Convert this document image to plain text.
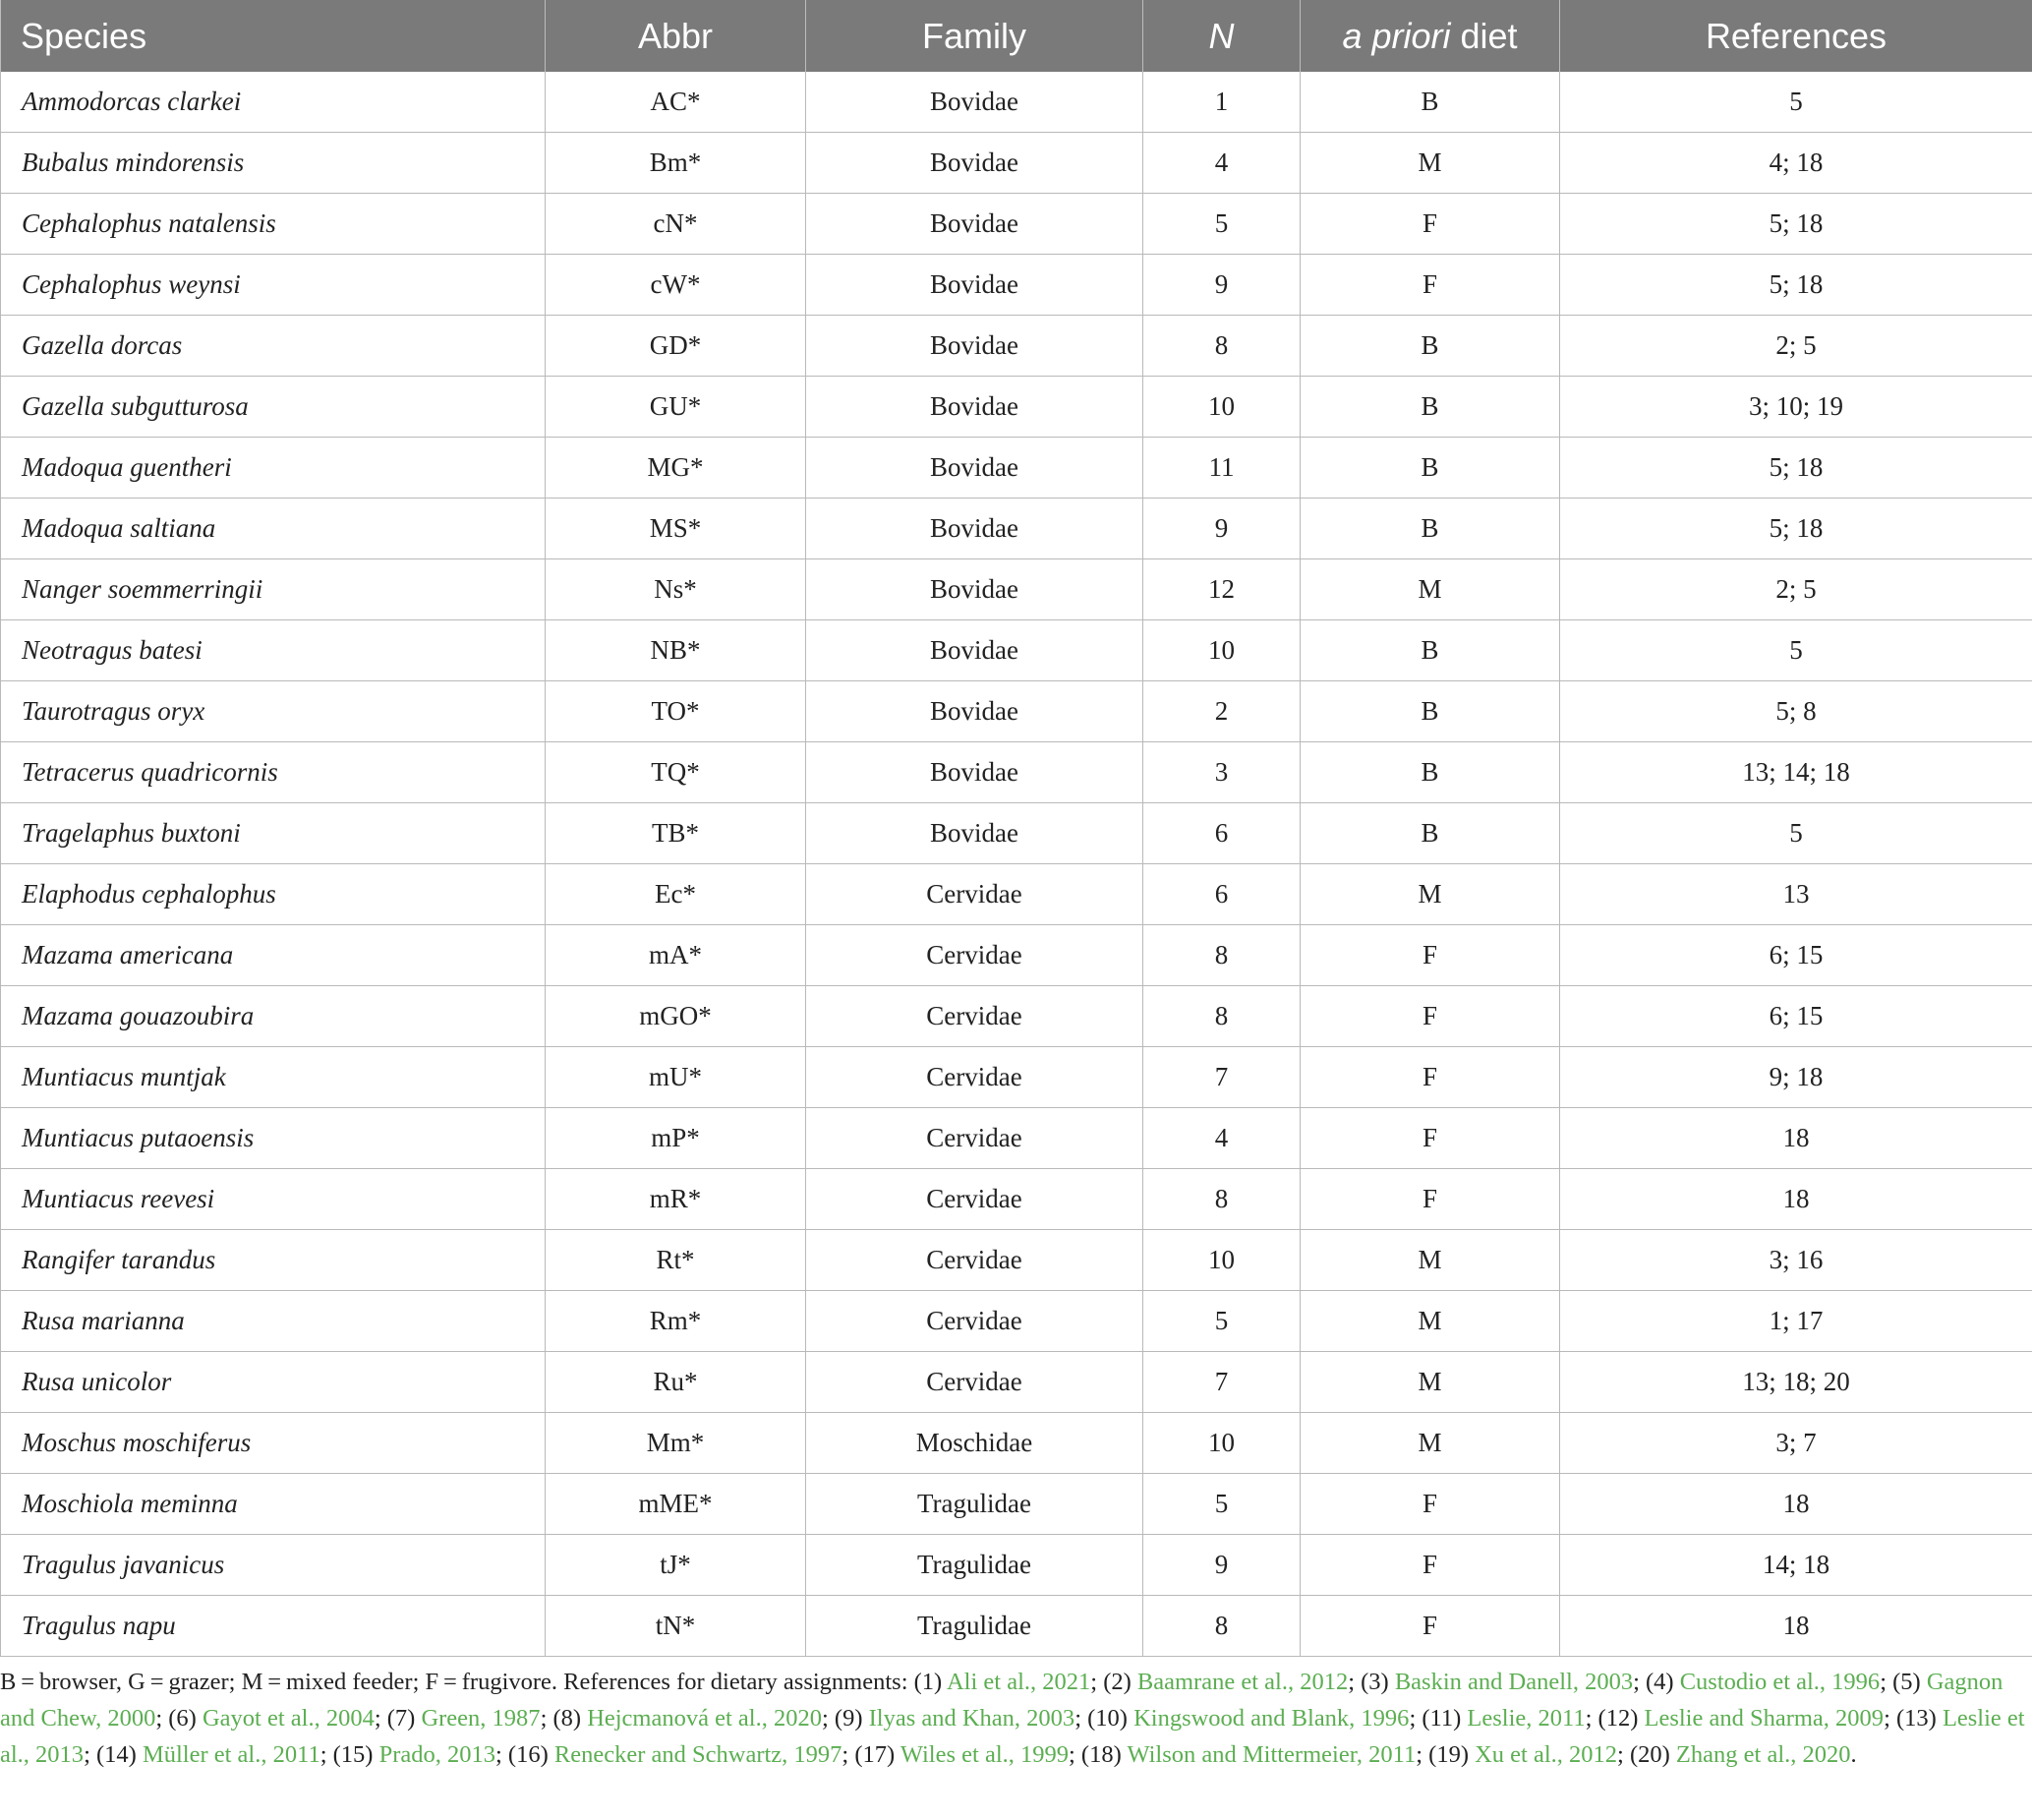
Species	Abbr	Family	N	a priori diet	References
Ammodorcas clarkei	AC*	Bovidae	1	B	5
Bubalus mindorensis	Bm*	Bovidae	4	M	4; 18
Cephalophus natalensis	cN*	Bovidae	5	F	5; 18
Cephalophus weynsi	cW*	Bovidae	9	F	5; 18
Gazella dorcas	GD*	Bovidae	8	B	2; 5
Gazella subgutturosa	GU*	Bovidae	10	B	3; 10; 19
Madoqua guentheri	MG*	Bovidae	11	B	5; 18
Madoqua saltiana	MS*	Bovidae	9	B	5; 18
Nanger soemmerringii	Ns*	Bovidae	12	M	2; 5
Neotragus batesi	NB*	Bovidae	10	B	5
Taurotragus oryx	TO*	Bovidae	2	B	5; 8
Tetracerus quadricornis	TQ*	Bovidae	3	B	13; 14; 18
Tragelaphus buxtoni	TB*	Bovidae	6	B	5
Elaphodus cephalophus	Ec*	Cervidae	6	M	13
Mazama americana	mA*	Cervidae	8	F	6; 15
Mazama gouazoubira	mGO*	Cervidae	8	F	6; 15
Muntiacus muntjak	mU*	Cervidae	7	F	9; 18
Muntiacus putaoensis	mP*	Cervidae	4	F	18
Muntiacus reevesi	mR*	Cervidae	8	F	18
Rangifer tarandus	Rt*	Cervidae	10	M	3; 16
Rusa marianna	Rm*	Cervidae	5	M	1; 17
Rusa unicolor	Ru*	Cervidae	7	M	13; 18; 20
Moschus moschiferus	Mm*	Moschidae	10	M	3; 7
Moschiola meminna	mME*	Tragulidae	5	F	18
Tragulus javanicus	tJ*	Tragulidae	9	F	14; 18
Tragulus napu	tN*	Tragulidae	8	F	18
B = browser, G = grazer; M = mixed feeder; F = frugivore. References for dietary assignments: (1) Ali et al., 2021; (2) Baamrane et al., 2012; (3) Baskin and Danell, 2003; (4) Custodio et al., 1996; (5) Gagnon and Chew, 2000; (6) Gayot et al., 2004; (7) Green, 1987; (8) Hejcmanová et al., 2020; (9) Ilyas and Khan, 2003; (10) Kingswood and Blank, 1996; (11) Leslie, 2011; (12) Leslie and Sharma, 2009; (13) Leslie et al., 2013; (14) Müller et al., 2011; (15) Prado, 2013; (16) Renecker and Schwartz, 1997; (17) Wiles et al., 1999; (18) Wilson and Mittermeier, 2011; (19) Xu et al., 2012; (20) Zhang et al., 2020.
